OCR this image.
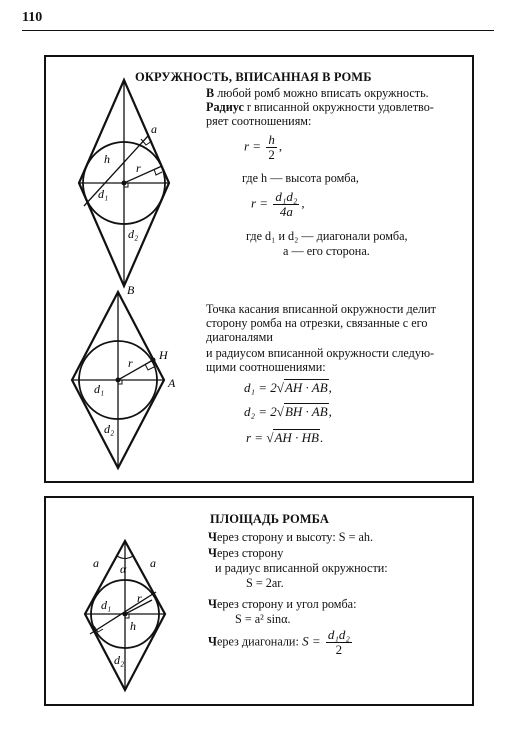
110
ОКРУЖНОСТЬ, ВПИСАННАЯ В РОМБ
В любой ромб можно вписать окружность.
Радиус r вписанной окружности удовлетво-
ряет соотношениям:
$r = \frac{h}{2}$ ,
где h — высота ромба,
$r = \frac{\text{d₁d₂}}{4a}$ ,
где d₁ и d₂ — диагонали ромба,
a — его сторона.
Точка касания вписанной окружности делит
сторону ромба на отрезки, связанные с его
диагоналями
и радиусом вписанной окружности следую-
щими соотношениями:
d₁ = 2√AH · AB,
d₂ = 2√BH · AB,
r = √AH · HB.
a
h
r
d₁
d₂
B
H
A
r
d₁
d₂
ПЛОЩАДЬ РОМБА
Через сторону и высоту: S = ah.
Через сторону
и радиус вписанной окружности:
S = 2ar.
Через сторону и угол ромба:
S = a² sinα.
Через диагонали: $S = \frac{\text{d₁d₂}}{2}$
a α a
d₁ r
h
d₂
